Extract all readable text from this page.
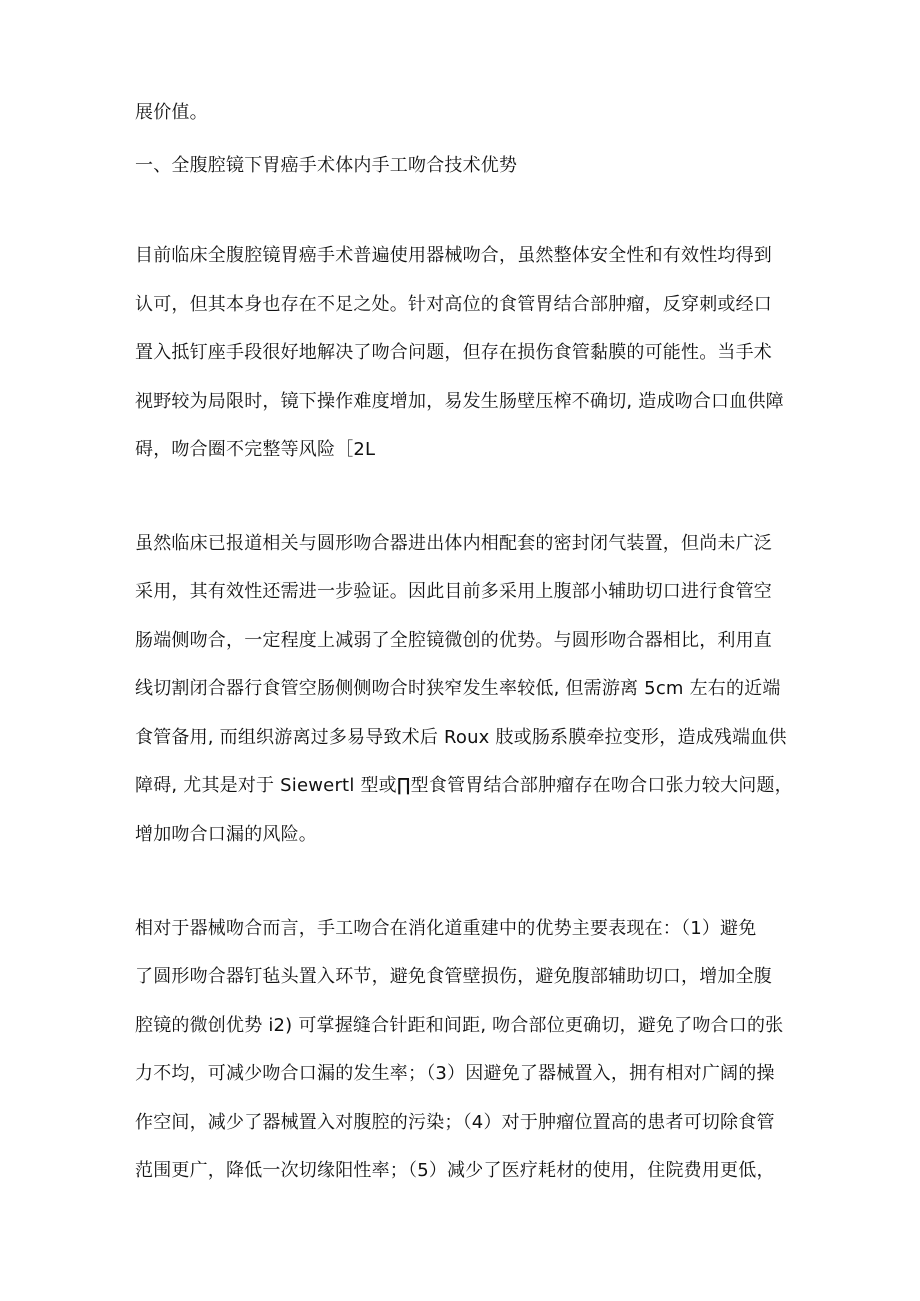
展价值。
一、全腹腔镜下胃癌手术体内手工吻合技术优势
目前临床全腹腔镜胃癌手术普遍使用器械吻合，虽然整体安全性和有效性均得到
认可，但其本身也存在不足之处。针对高位的食管胃结合部肿瘤，反穿刺或经口
置入抵钉座手段很好地解决了吻合问题，但存在损伤食管黏膜的可能性。当手术
视野较为局限时，镜下操作难度增加，易发生肠壁压榨不确切, 造成吻合口血供障
碍，吻合圈不完整等风险［2L
虽然临床已报道相关与圆形吻合器进出体内相配套的密封闭气装置，但尚未广泛
采用，其有效性还需进一步验证。因此目前多采用上腹部小辅助切口进行食管空
肠端侧吻合，一定程度上减弱了全腔镜微创的优势。与圆形吻合器相比，利用直
线切割闭合器行食管空肠侧侧吻合时狭窄发生率较低, 但需游离 5cm 左右的近端
食管备用, 而组织游离过多易导致术后 Roux 肢或肠系膜牵拉变形，造成残端血供
障碍, 尤其是对于 Siewertl 型或∏型食管胃结合部肿瘤存在吻合口张力较大问题，
增加吻合口漏的风险。
相对于器械吻合而言，手工吻合在消化道重建中的优势主要表现在：（1）避免
了圆形吻合器钉毡头置入环节，避免食管壁损伤，避免腹部辅助切口，增加全腹
腔镜的微创优势 i2) 可掌握缝合针距和间距, 吻合部位更确切，避免了吻合口的张
力不均，可减少吻合口漏的发生率；（3）因避免了器械置入，拥有相对广阔的操
作空间，减少了器械置入对腹腔的污染；（4）对于肿瘤位置高的患者可切除食管
范围更广，降低一次切缘阳性率；（5）减少了医疗耗材的使用，住院费用更低，
